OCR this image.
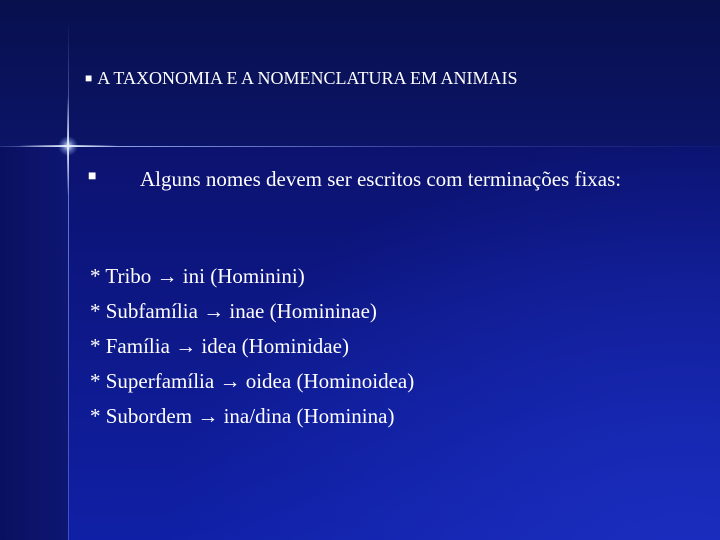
■ A TAXONOMIA E A NOMENCLATURA EM ANIMAIS
■ Alguns nomes devem ser escritos com terminações fixas:
* Tribo → ini (Hominini)
* Subfamília → inae (Homininae)
* Família → idea (Hominidae)
* Superfamília → oidea (Hominoidea)
* Subordem → ina/dina (Hominina)
